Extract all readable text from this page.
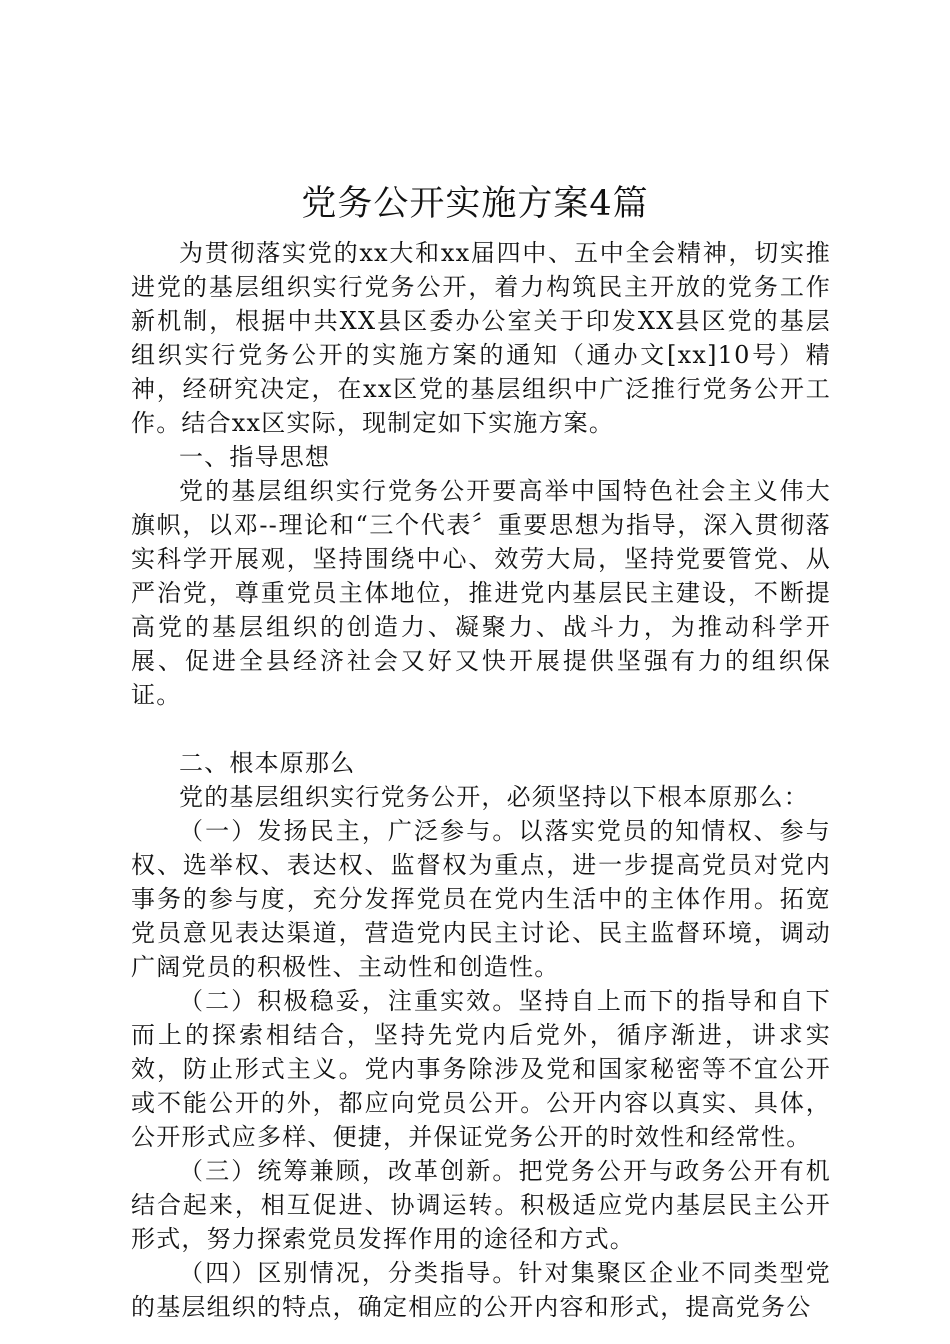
党务公开实施方案4篇

为贯彻落实党的xx大和xx届四中、五中全会精神，切实推进党的基层组织实行党务公开，着力构筑民主开放的党务工作新机制，根据中共XX县区委办公室关于印发XX县区党的基层组织实行党务公开的实施方案的通知（通办文[xx]10号）精神，经研究决定，在xx区党的基层组织中广泛推行党务公开工作。结合xx区实际，现制定如下实施方案。

一、指导思想

党的基层组织实行党务公开要高举中国特色社会主义伟大旗帜，以邓--理论和“三个代表〞重要思想为指导，深入贯彻落实科学开展观，坚持围绕中心、效劳大局，坚持党要管党、从严治党，尊重党员主体地位，推进党内基层民主建设，不断提高党的基层组织的创造力、凝聚力、战斗力，为推动科学开展、促进全县经济社会又好又快开展提供坚强有力的组织保证。

二、根本原那么

党的基层组织实行党务公开，必须坚持以下根本原那么：

（一）发扬民主，广泛参与。以落实党员的知情权、参与权、选举权、表达权、监督权为重点，进一步提高党员对党内事务的参与度，充分发挥党员在党内生活中的主体作用。拓宽党员意见表达渠道，营造党内民主讨论、民主监督环境，调动广阔党员的积极性、主动性和创造性。

（二）积极稳妥，注重实效。坚持自上而下的指导和自下而上的探索相结合，坚持先党内后党外，循序渐进，讲求实效，防止形式主义。党内事务除涉及党和国家秘密等不宜公开或不能公开的外，都应向党员公开。公开内容以真实、具体，公开形式应多样、便捷，并保证党务公开的时效性和经常性。

（三）统筹兼顾，改革创新。把党务公开与政务公开有机结合起来，相互促进、协调运转。积极适应党内基层民主公开形式，努力探索党员发挥作用的途径和方式。

（四）区别情况，分类指导。针对集聚区企业不同类型党的基层组织的特点，确定相应的公开内容和形式，提高党务公
